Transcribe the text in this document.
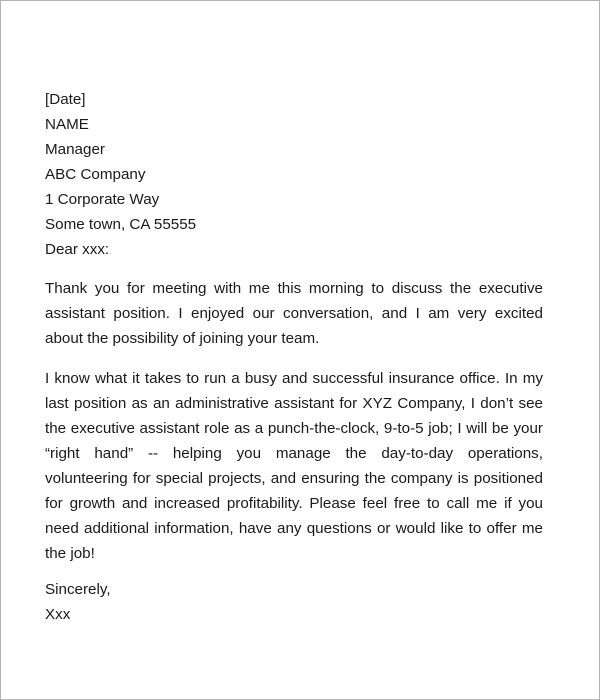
[Date]
NAME
Manager
ABC Company
1 Corporate Way
Some town, CA 55555
Dear xxx:

Thank you for meeting with me this morning to discuss the executive assistant position. I enjoyed our conversation, and I am very excited about the possibility of joining your team.

I know what it takes to run a busy and successful insurance office. In my last position as an administrative assistant for XYZ Company, I don’t see the executive assistant role as a punch-the-clock, 9-to-5 job; I will be your “right hand” -- helping you manage the day-to-day operations, volunteering for special projects, and ensuring the company is positioned for growth and increased profitability. Please feel free to call me if you need additional information, have any questions or would like to offer me the job!

Sincerely,
Xxx
